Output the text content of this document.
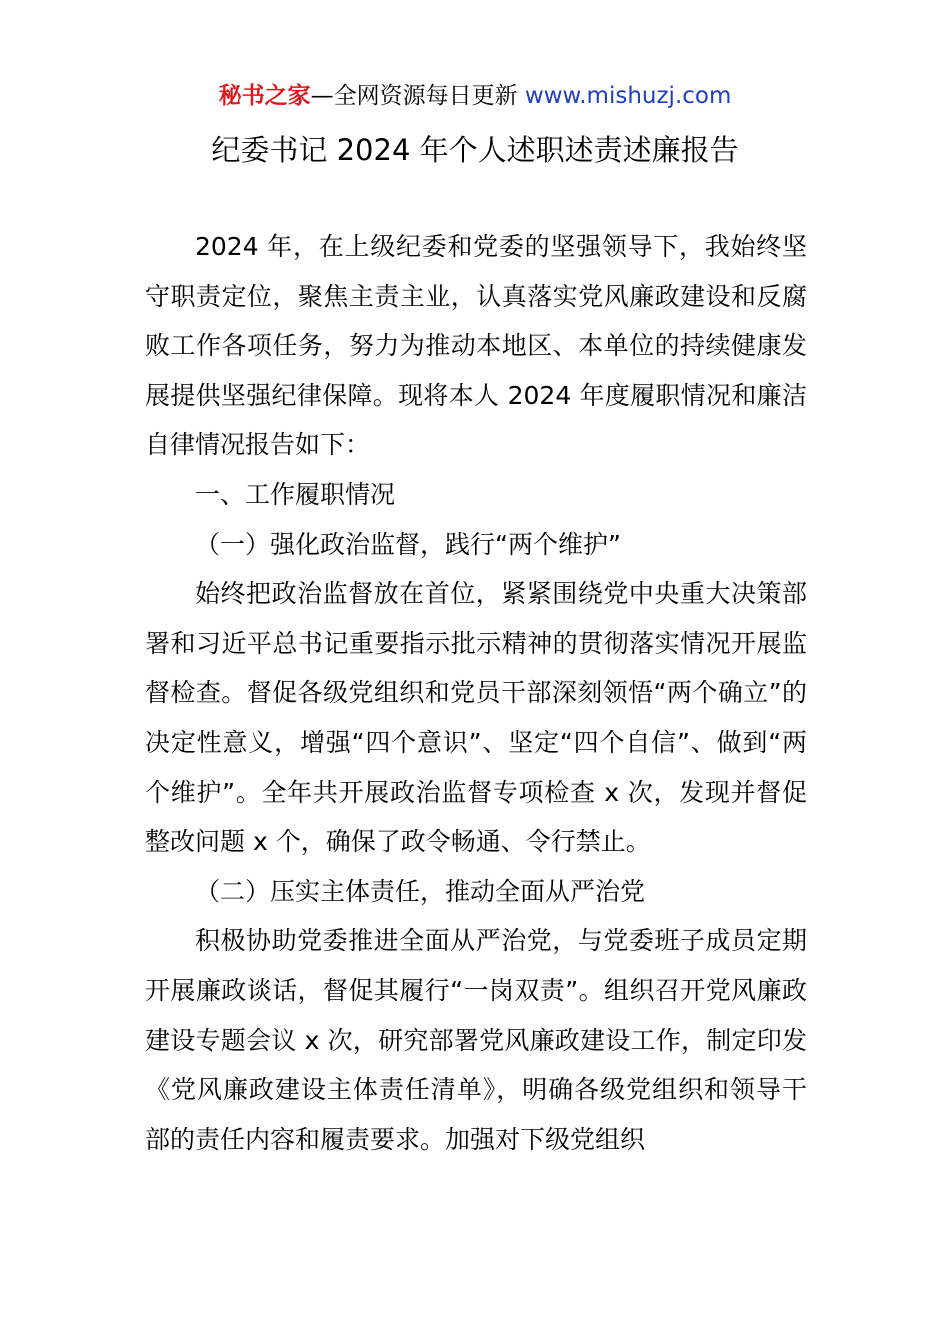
秘书之家—全网资源每日更新 www.mishuzj.com
纪委书记 2024 年个人述职述责述廉报告

2024 年，在上级纪委和党委的坚强领导下，我始终坚守职责定位，聚焦主责主业，认真落实党风廉政建设和反腐败工作各项任务，努力为推动本地区、本单位的持续健康发展提供坚强纪律保障。现将本人 2024 年度履职情况和廉洁自律情况报告如下：

一、工作履职情况

（一）强化政治监督，践行“两个维护”

始终把政治监督放在首位，紧紧围绕党中央重大决策部署和习近平总书记重要指示批示精神的贯彻落实情况开展监督检查。督促各级党组织和党员干部深刻领悟“两个确立”的决定性意义，增强“四个意识”、坚定“四个自信”、做到“两个维护”。全年共开展政治监督专项检查 x 次，发现并督促整改问题 x 个，确保了政令畅通、令行禁止。

（二）压实主体责任，推动全面从严治党

积极协助党委推进全面从严治党，与党委班子成员定期开展廉政谈话，督促其履行“一岗双责”。组织召开党风廉政建设专题会议 x 次，研究部署党风廉政建设工作，制定印发《党风廉政建设主体责任清单》，明确各级党组织和领导干部的责任内容和履责要求。加强对下级党组织
